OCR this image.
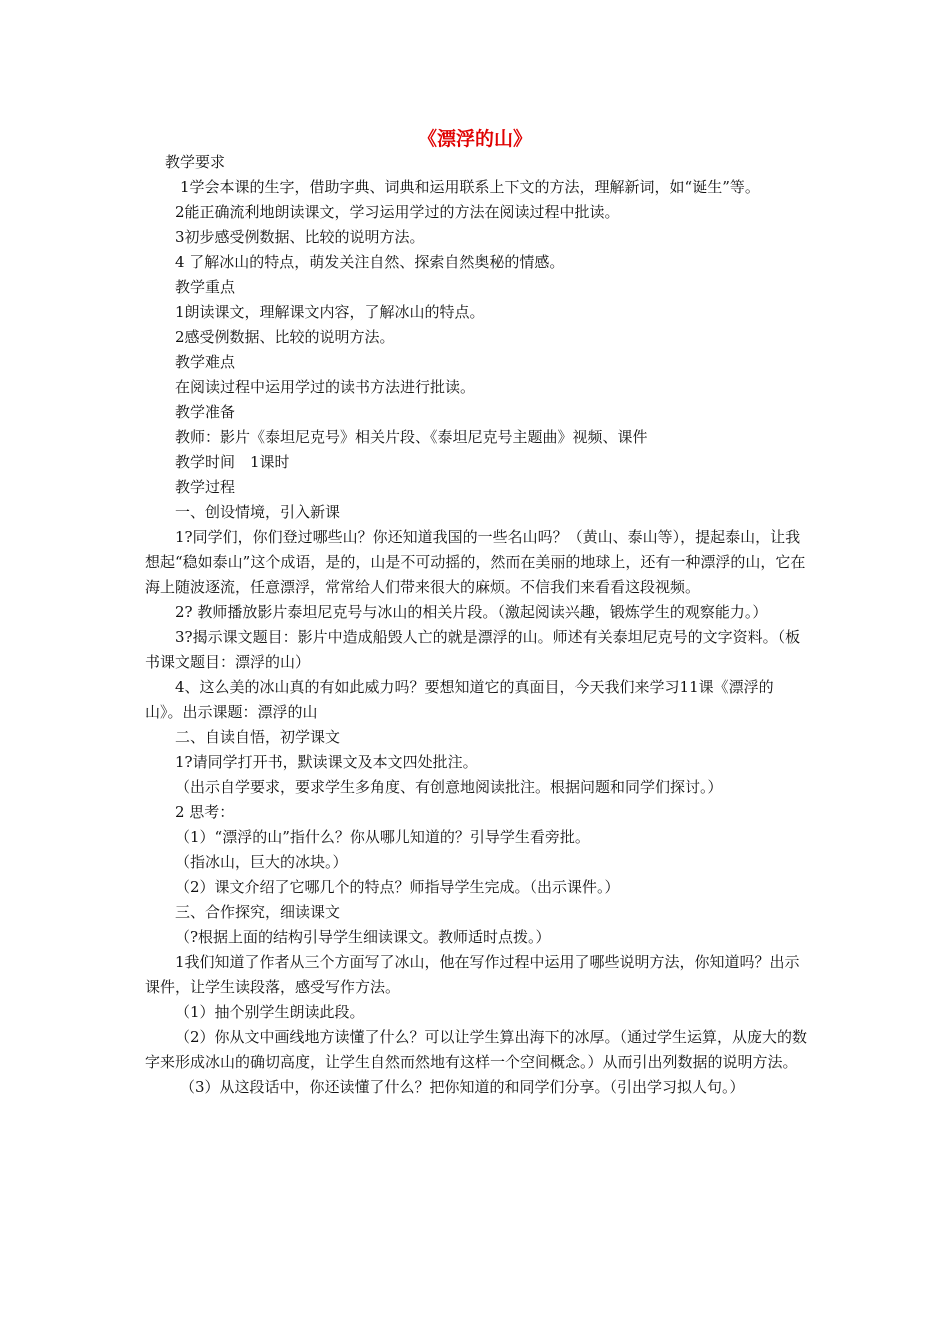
《漂浮的山》

教学要求

1学会本课的生字，借助字典、词典和运用联系上下文的方法，理解新词，如“诞生”等。

2能正确流利地朗读课文，学习运用学过的方法在阅读过程中批读。

3初步感受例数据、比较的说明方法。

4 了解冰山的特点，萌发关注自然、探索自然奥秘的情感。

教学重点

1朗读课文，理解课文内容，了解冰山的特点。

2感受例数据、比较的说明方法。

教学难点

在阅读过程中运用学过的读书方法进行批读。

教学准备

教师：影片《泰坦尼克号》相关片段、《泰坦尼克号主题曲》视频、课件

教学时间　1课时

教学过程

一、创设情境，引入新课

1?同学们，你们登过哪些山？你还知道我国的一些名山吗？（黄山、泰山等），提起泰山，让我想起“稳如泰山”这个成语，是的，山是不可动摇的，然而在美丽的地球上，还有一种漂浮的山，它在海上随波逐流，任意漂浮，常常给人们带来很大的麻烦。不信我们来看看这段视频。

2? 教师播放影片泰坦尼克号与冰山的相关片段。（激起阅读兴趣，锻炼学生的观察能力。）

3?揭示课文题目：影片中造成船毁人亡的就是漂浮的山。师述有关泰坦尼克号的文字资料。（板书课文题目：漂浮的山）

4、这么美的冰山真的有如此威力吗？要想知道它的真面目，今天我们来学习11课《漂浮的山》。出示课题：漂浮的山

二、自读自悟，初学课文

1?请同学打开书，默读课文及本文四处批注。

（出示自学要求，要求学生多角度、有创意地阅读批注。根据问题和同学们探讨。）

2 思考：

（1）“漂浮的山”指什么？你从哪儿知道的？引导学生看旁批。

（指冰山，巨大的冰块。）

（2）课文介绍了它哪几个的特点？师指导学生完成。（出示课件。）

三、合作探究，细读课文

（?根据上面的结构引导学生细读课文。教师适时点拨。）

1我们知道了作者从三个方面写了冰山，他在写作过程中运用了哪些说明方法，你知道吗？出示课件，让学生读段落，感受写作方法。

（1）抽个别学生朗读此段。

（2）你从文中画线地方读懂了什么？可以让学生算出海下的冰厚。（通过学生运算，从庞大的数字来形成冰山的确切高度，让学生自然而然地有这样一个空间概念。）从而引出列数据的说明方法。

（3）从这段话中，你还读懂了什么？把你知道的和同学们分享。（引出学习拟人句。）
